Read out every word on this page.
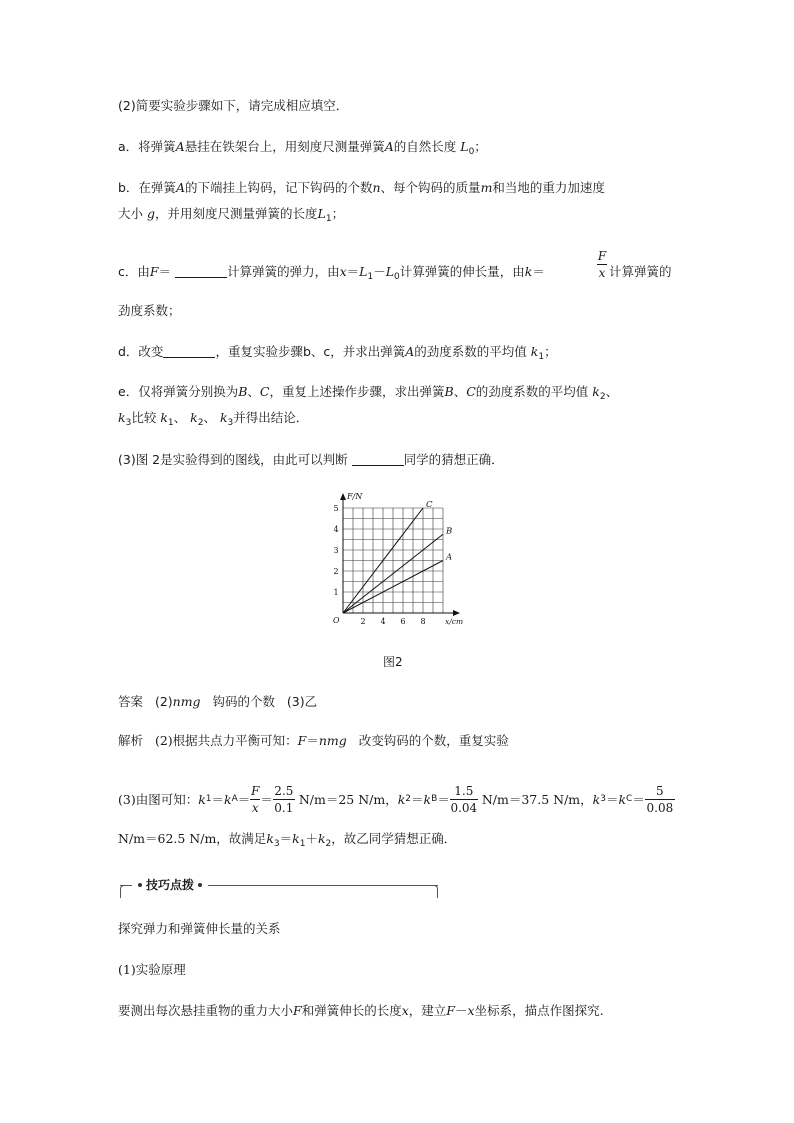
(2)简要实验步骤如下，请完成相应填空．
a．将弹簧A悬挂在铁架台上，用刻度尺测量弹簧A的自然长度 $L_0$；
b．在弹簧A的下端挂上钩码，记下钩码的个数n、每个钩码的质量m和当地的重力加速度
大小 g，并用刻度尺测量弹簧的长度$L_1$；
c．由F＝	计算弹簧的弹力，由$x=L_1-L_0$计算弹簧的伸长量，由k＝
F
x 计算弹簧的
劲度系数；
d．改变	，重复实验步骤b、c，并求出弹簧A的劲度系数的平均值 $k_1$；
e．仅将弹簧分别换为B、C，重复上述操作步骤，求出弹簧B、C的劲度系数的平均值 $k_2$、
$k_3$比较 $k_1$、 $k_2$、 $k_3$并得出结论．
(3)图 2是实验得到的图线，由此可以判断	同学的猜想正确．
F/N
x/cm
O	2 4 6 8
1
2
3
4
5	C
B
A
图2
答案 (2)nmg 钩码的个数 (3)乙
解析 (2)根据共点力平衡可知：F＝nmg 改变钩码的个数，重复实验
(3)由图可知： k 1 ＝ k $A = \frac{F}{x} = \frac{2.5}{0.1} N/m=25$ N/m， k 2 ＝ k $B = \frac{1.5}{0.04} N/m=37.5$ N/m， k 3 ＝ k $C = \frac{5}{0.08}$
N/m＝62.5 N/m，故满足$k_3=k_1+k_2$，故乙同学猜想正确．
技巧点拨
探究弹力和弹簧伸长量的关系
(1)实验原理
要测出每次悬挂重物的重力大小F和弹簧伸长的长度x，建立F－x坐标系，描点作图探究.
